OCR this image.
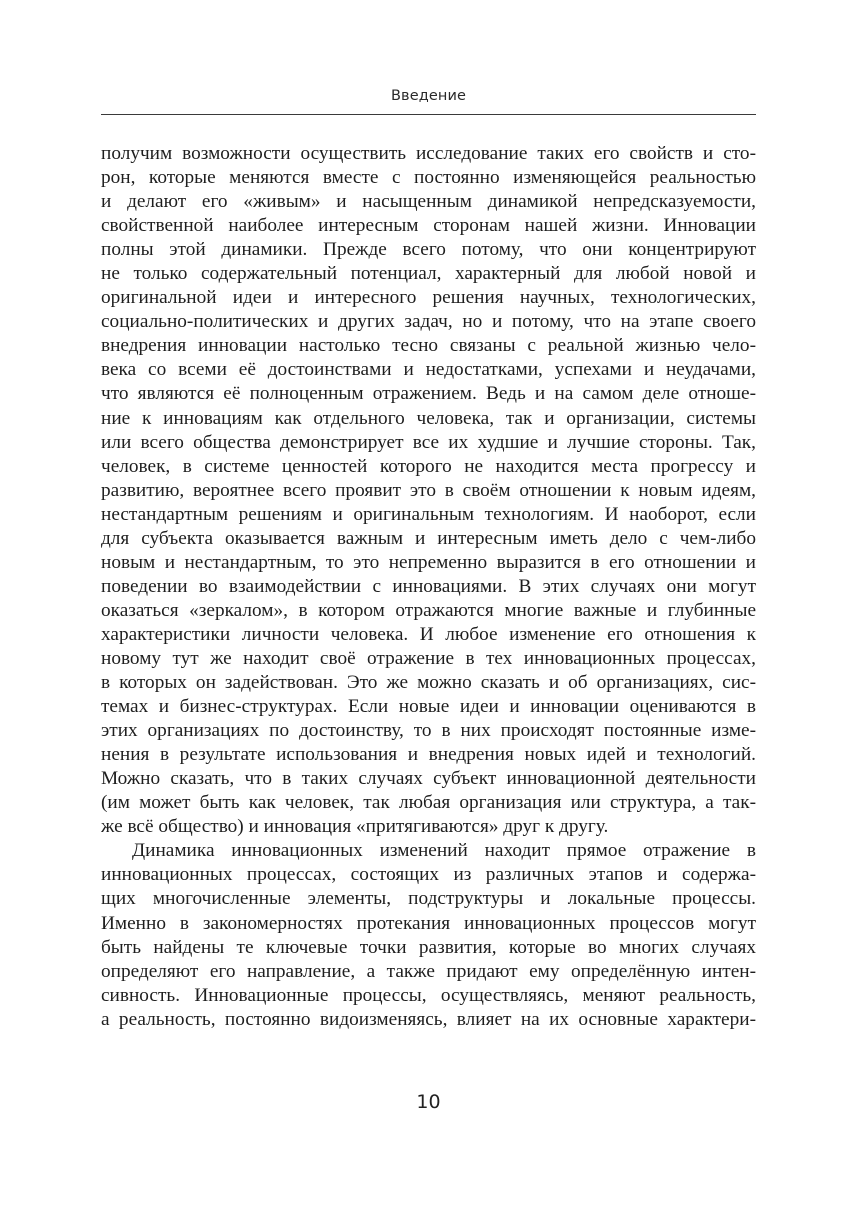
Введение
получим возможности осуществить исследование таких его свойств и сто-
рон, которые меняются вместе с постоянно изменяющейся реальностью
и делают его «живым» и насыщенным динамикой непредсказуемости,
свойственной наиболее интересным сторонам нашей жизни. Инновации
полны этой динамики. Прежде всего потому, что они концентрируют
не только содержательный потенциал, характерный для любой новой и
оригинальной идеи и интересного решения научных, технологических,
социально-политических и других задач, но и потому, что на этапе своего
внедрения инновации настолько тесно связаны с реальной жизнью чело-
века со всеми её достоинствами и недостатками, успехами и неудачами,
что являются её полноценным отражением. Ведь и на самом деле отноше-
ние к инновациям как отдельного человека, так и организации, системы
или всего общества демонстрирует все их худшие и лучшие стороны. Так,
человек, в системе ценностей которого не находится места прогрессу и
развитию, вероятнее всего проявит это в своём отношении к новым идеям,
нестандартным решениям и оригинальным технологиям. И наоборот, если
для субъекта оказывается важным и интересным иметь дело с чем-либо
новым и нестандартным, то это непременно выразится в его отношении и
поведении во взаимодействии с инновациями. В этих случаях они могут
оказаться «зеркалом», в котором отражаются многие важные и глубинные
характеристики личности человека. И любое изменение его отношения к
новому тут же находит своё отражение в тех инновационных процессах,
в которых он задействован. Это же можно сказать и об организациях, сис-
темах и бизнес-структурах. Если новые идеи и инновации оцениваются в
этих организациях по достоинству, то в них происходят постоянные изме-
нения в результате использования и внедрения новых идей и технологий.
Можно сказать, что в таких случаях субъект инновационной деятельности
(им может быть как человек, так любая организация или структура, а так-
же всё общество) и инновация «притягиваются» друг к другу.
Динамика инновационных изменений находит прямое отражение в
инновационных процессах, состоящих из различных этапов и содержа-
щих многочисленные элементы, подструктуры и локальные процессы.
Именно в закономерностях протекания инновационных процессов могут
быть найдены те ключевые точки развития, которые во многих случаях
определяют его направление, а также придают ему определённую интен-
сивность. Инновационные процессы, осуществляясь, меняют реальность,
а реальность, постоянно видоизменяясь, влияет на их основные характери-
10
